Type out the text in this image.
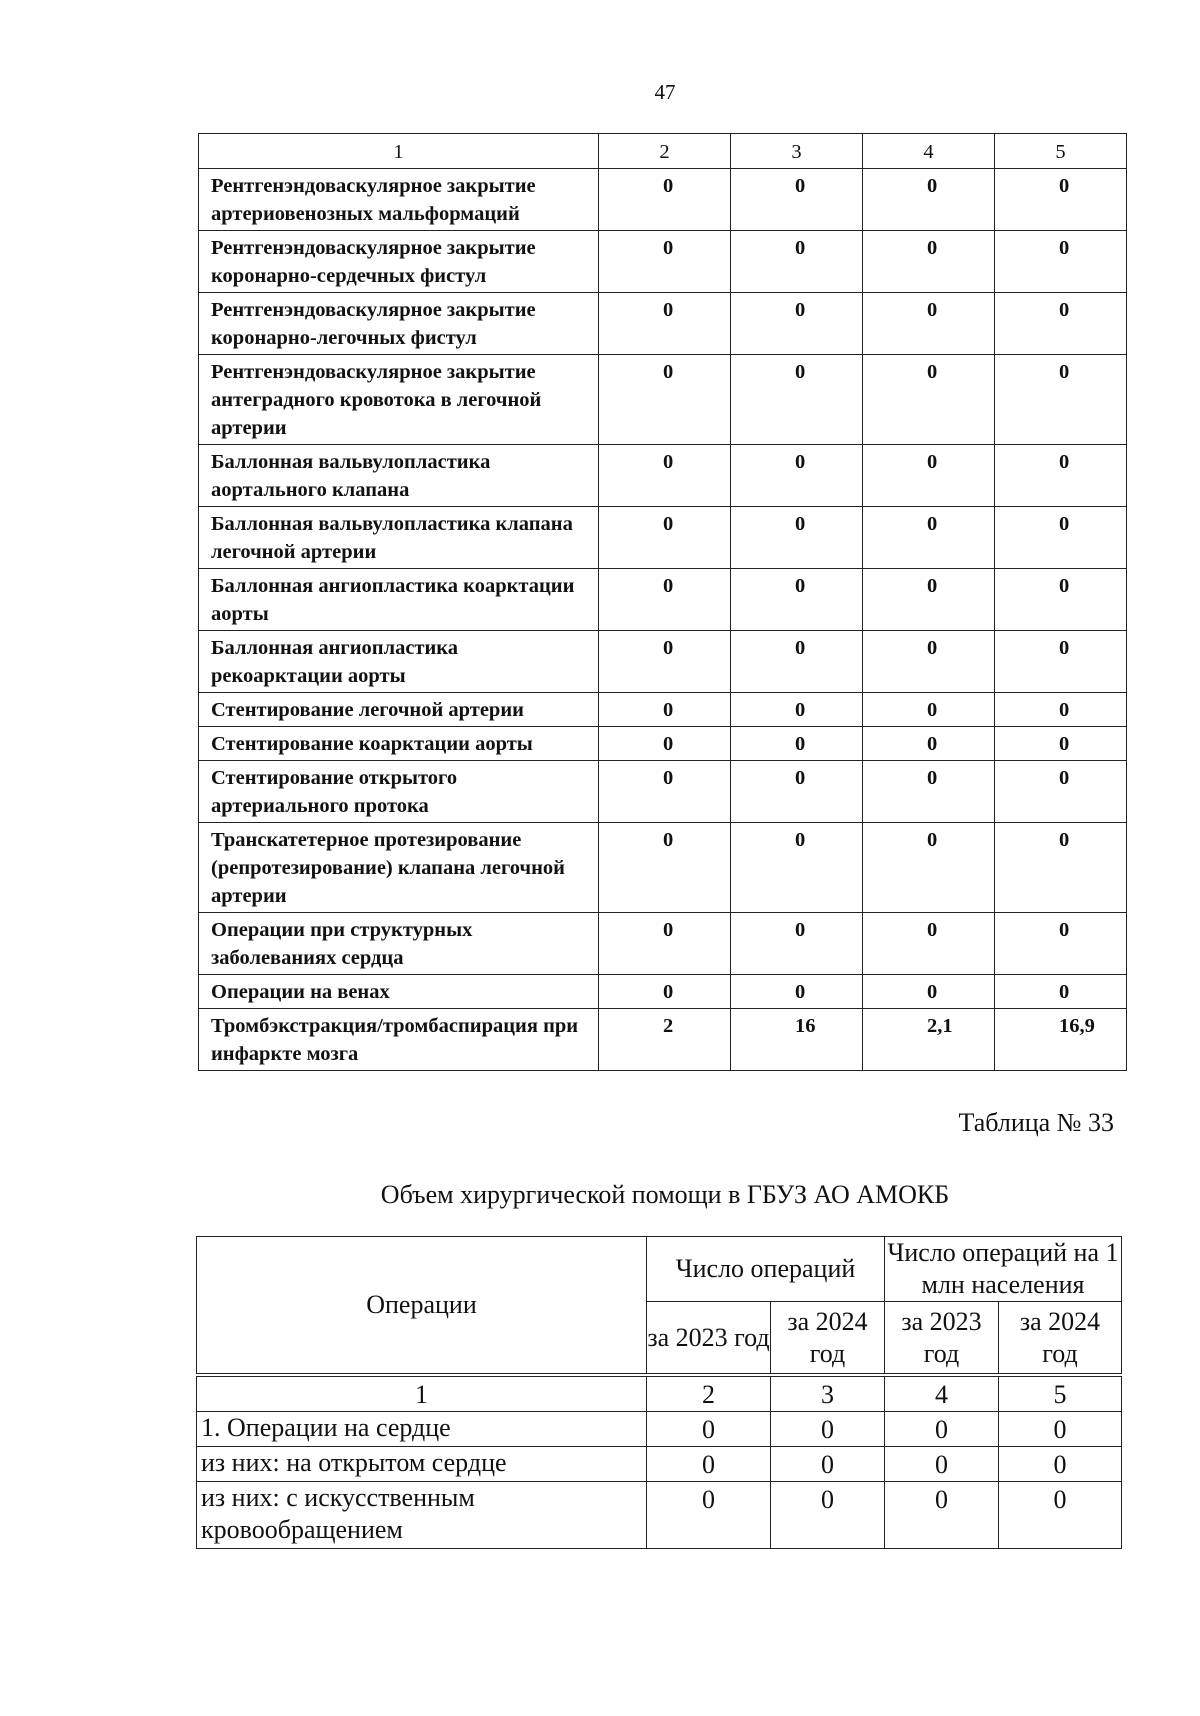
47
1	2	3	4	5
Рентгенэндоваскулярное закрытие артериовенозных мальформаций	0	0	0	0
Рентгенэндоваскулярное закрытие коронарно-сердечных фистул	0	0	0	0
Рентгенэндоваскулярное закрытие коронарно-легочных фистул	0	0	0	0
Рентгенэндоваскулярное закрытие антеградного кровотока в легочной артерии	0	0	0	0
Баллонная вальвулопластика аортального клапана	0	0	0	0
Баллонная вальвулопластика клапана легочной артерии	0	0	0	0
Баллонная ангиопластика коарктации аорты	0	0	0	0
Баллонная ангиопластика рекоарктации аорты	0	0	0	0
Стентирование легочной артерии	0	0	0	0
Стентирование коарктации аорты	0	0	0	0
Стентирование открытого артериального протока	0	0	0	0
Транскатетерное протезирование (репротезирование) клапана легочной артерии	0	0	0	0
Операции при структурных заболеваниях сердца	0	0	0	0
Операции на венах	0	0	0	0
Тромбэкстракция/тромбаспирация при инфаркте мозга	2	16	2,1	16,9
Таблица № 33
Объем хирургической помощи в ГБУЗ АО АМОКБ
Операции	Число операций		Число операций на 1 млн населения	
	за 2023 год	за 2024 год	за 2023 год	за 2024 год

1	2	3	4	5
1. Операции на сердце	0	0	0	0
из них: на открытом сердце	0	0	0	0
из них: с искусственным кровообращением	0	0	0	0
